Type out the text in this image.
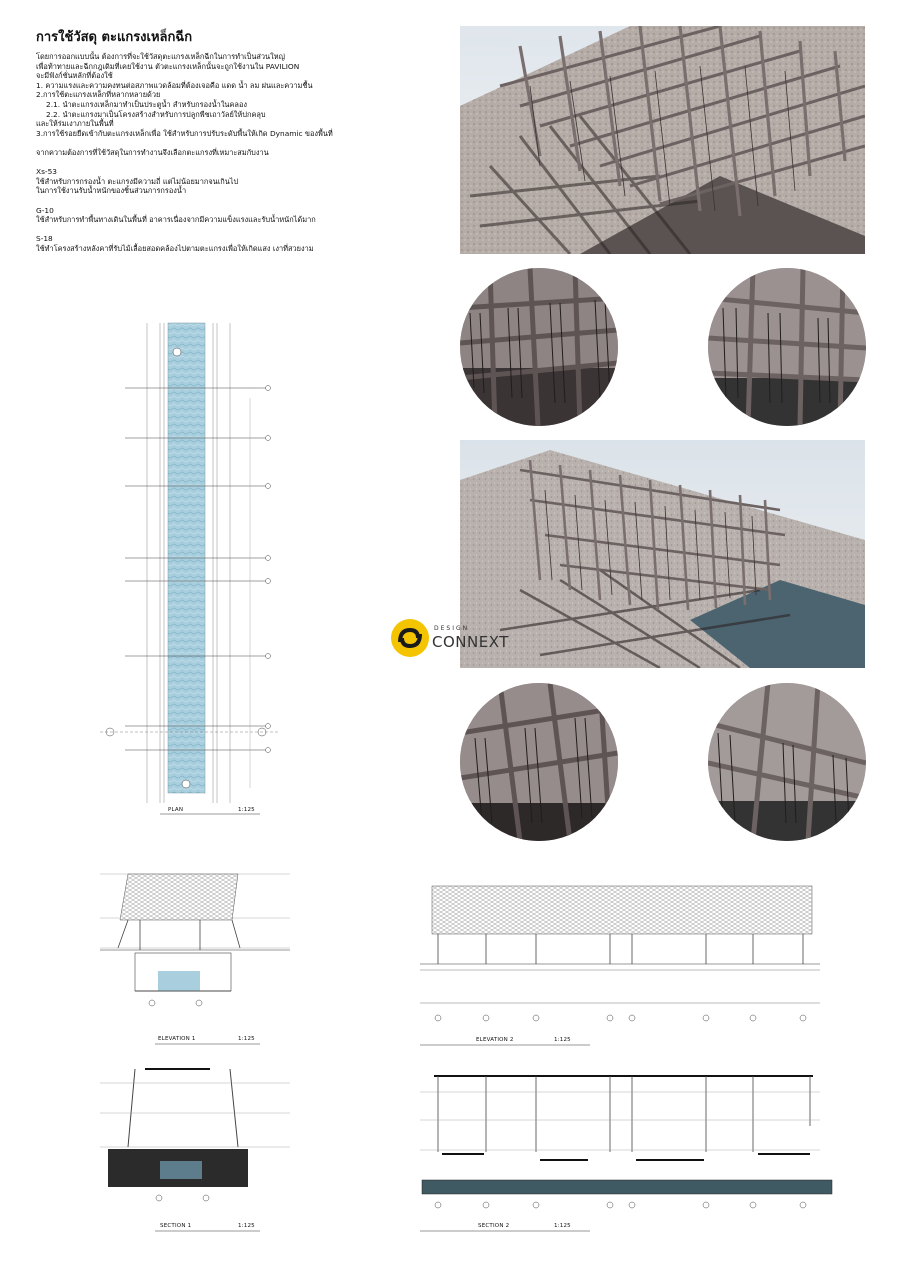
การใช้วัสดุ ตะแกรงเหล็กฉีก
โดยการออกแบบนั้น ต้องการที่จะใช้วัสดุตะแกรงเหล็กฉีกในการทำเป็นส่วนใหญ่
เพื่อท้าทายและฉีกกฎเดิมที่เคยใช้งาน ตัวตะแกรงเหล็กนั้นจะถูกใช้งานใน PAVILION
จะมีฟังก์ชั่นหลักที่ต้องใช้
1. ความแรงและความคงทนต่อสภาพแวดล้อมที่ต้องเจอคือ แดด น้ำ ลม ฝนและความชื้น
2.การใช้ตะแกรงเหล็กที่หลากหลายด้วย
2.1. นำตะแกรงเหล็กมาทำเป็นประตูน้ำ สำหรับกรองน้ำในคลอง
2.2. นำตะแกรงมาเป็นโครงสร้างสำหรับการปลูกพืชเถาวัลย์ให้ปกคลุบ
และให้ร่มเงาภายในพื้นที่
3.การใช้รอยยืดเข้ากับตะแกรงเหล็กเพื่อ ใช้สำหรับการปรับระดับพื้นให้เกิด Dynamic ของพื้นที่
จากความต้องการที่ใช้วัสดุในการทำงานจึงเลือกตะแกรงที่เหมาะสมกับงาน
Xs-53
ใช้สำหรับการกรองน้ำ ตะแกรงมีความถี่ แต่ไม่น้อยมากจนเกินไป
ในการใช้งานรับน้ำหนักของชิ้นส่วนการกรองน้ำ
G-10
ใช้สำหรับการทำพื้นทางเดินในพื้นที่ อาคารเนื่องจากมีความแข็งแรงและรับน้ำหนักได้มาก
S-18
ใช้ทำโครงสร้างหลังคาที่รับไม้เลื้อยสอดคล้องไปตามตะแกรงเพื่อให้เกิดแสง เงาที่สวยงาม
DESIGN
CONNEXT
PLAN	1:125
ELEVATION 1	1:125	ELEVATION 2	1:125
SECTION 1	1:125	SECTION 2	1:125
